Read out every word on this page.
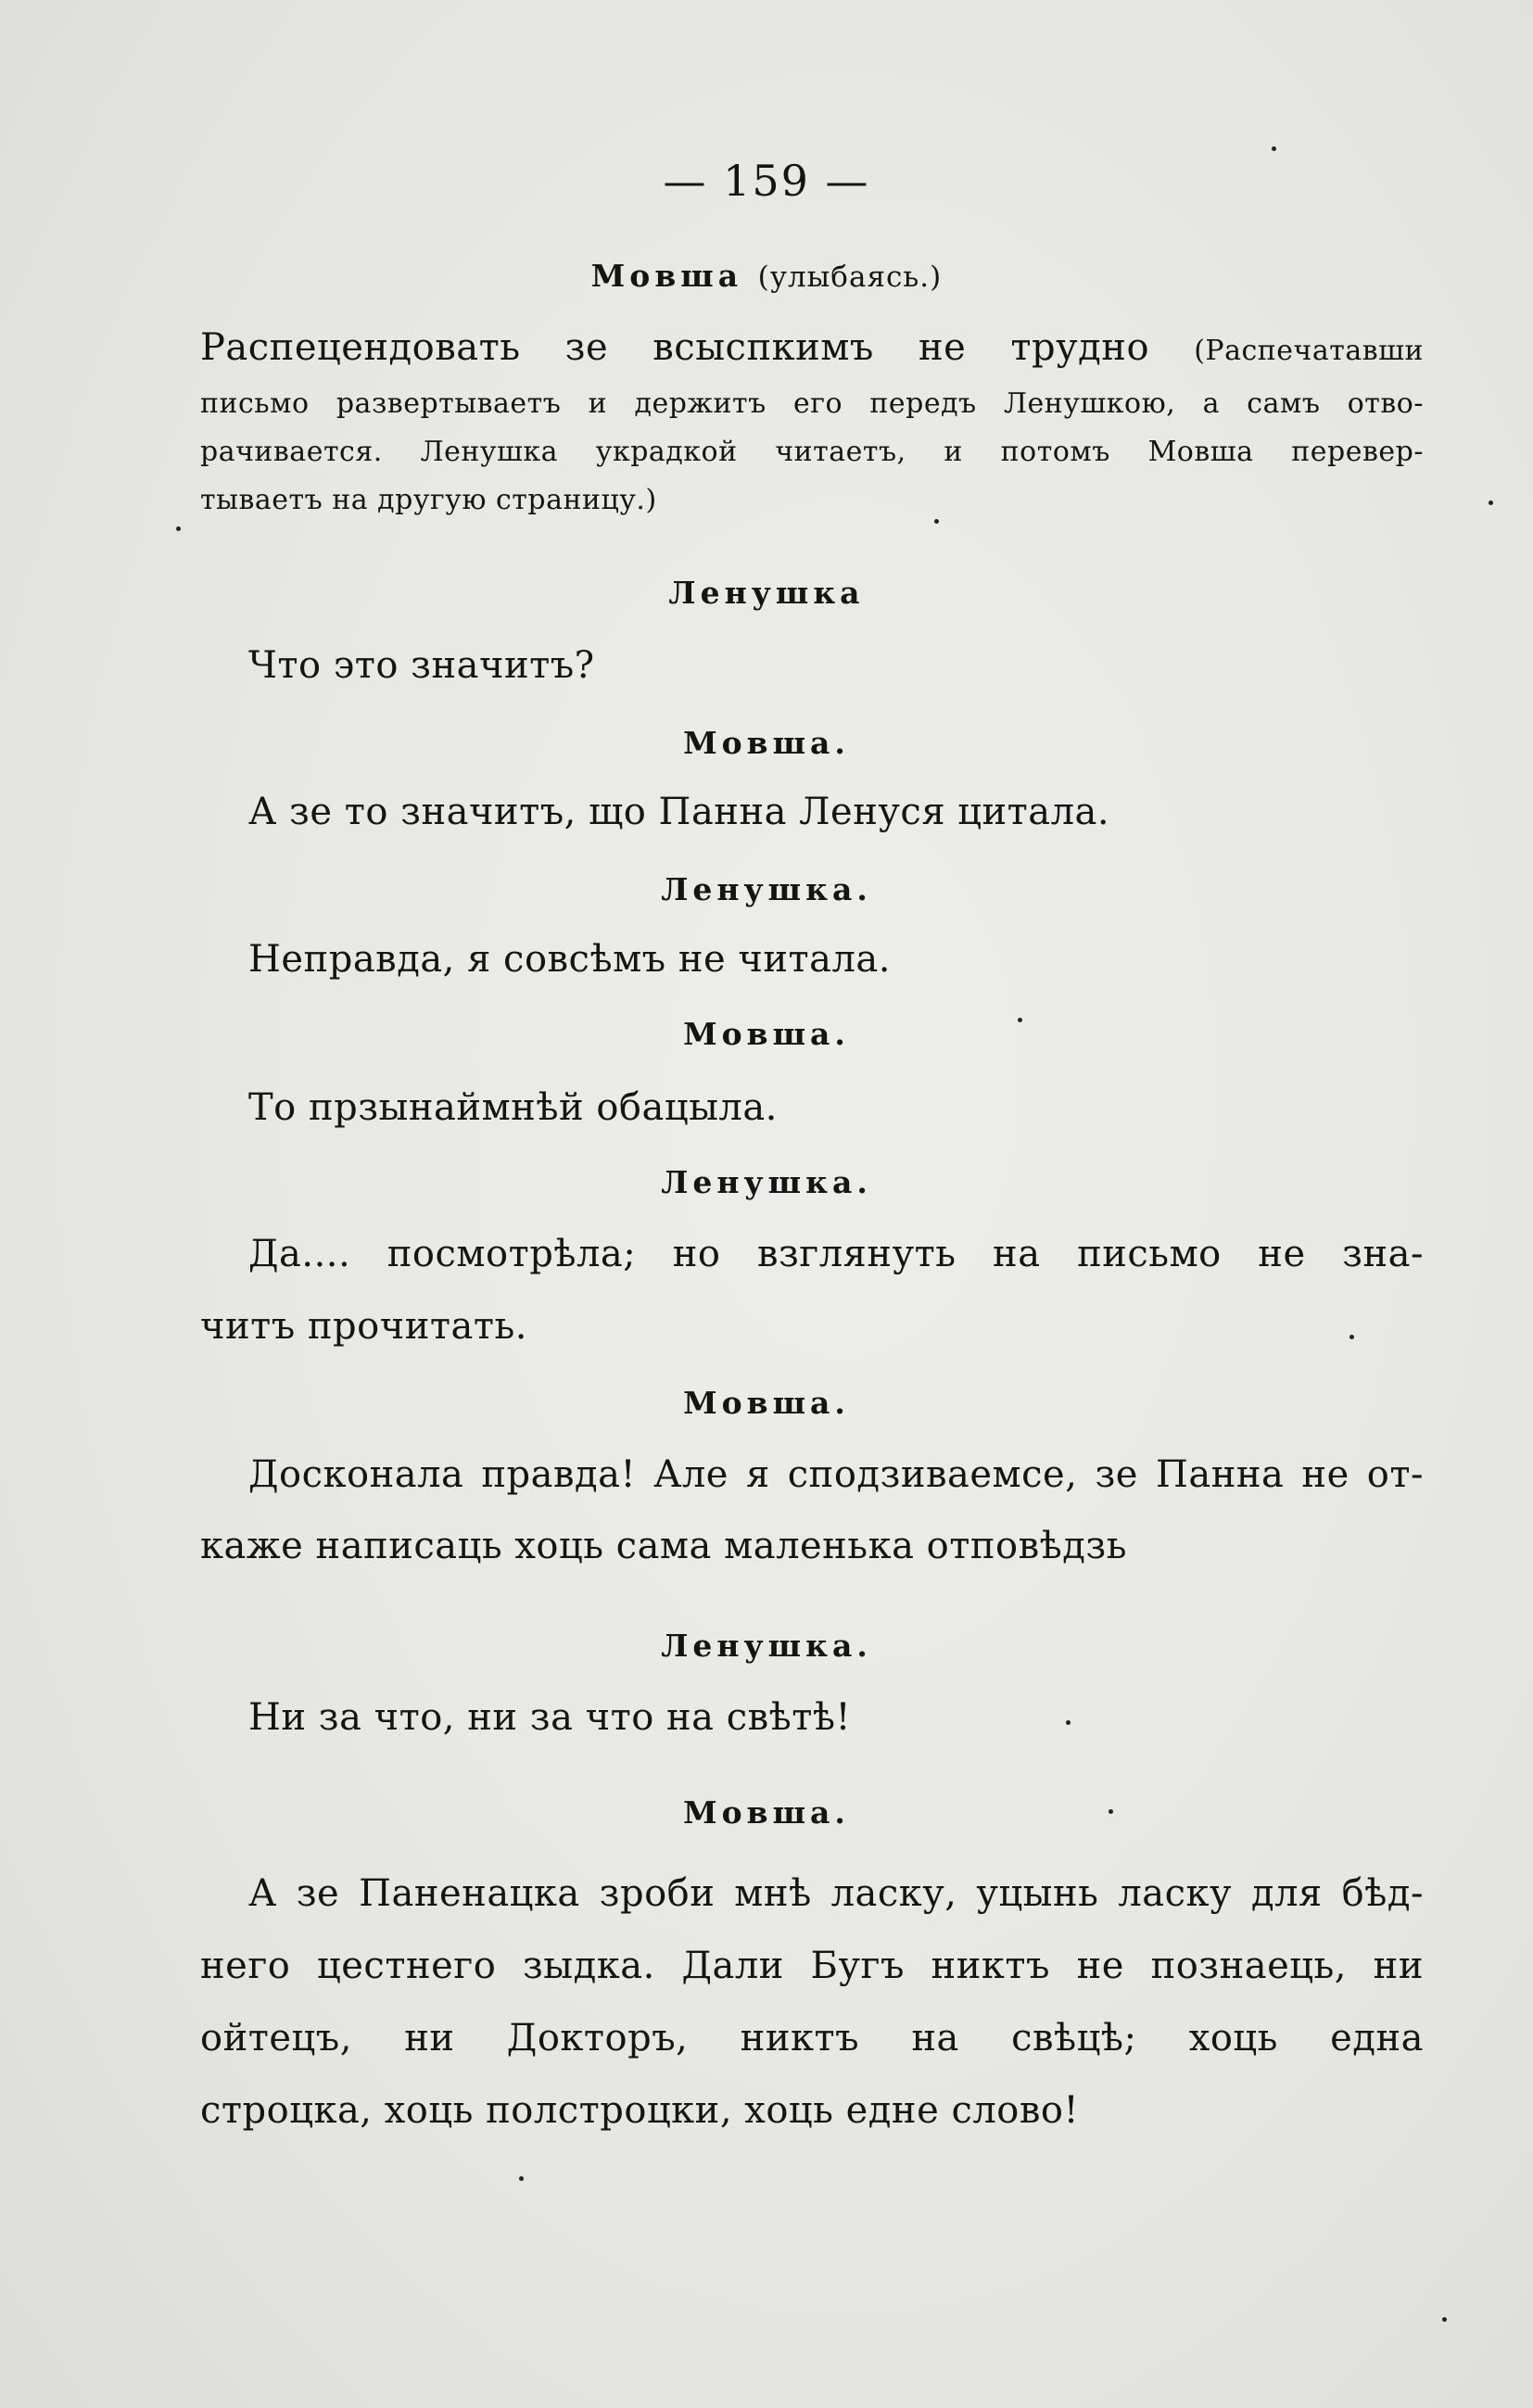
— 159 —
Мовша (улыбаясь.)
Распецендовать зе всыспкимъ не трудно (Распечатавши
письмо развертываетъ и держитъ его передъ Ленушкою, а самъ отво-
рачивается. Ленушка украдкой читаетъ, и потомъ Мовша перевер-
тываетъ на другую страницу.)
Ленушка
Что это значитъ?
Мовша.
А зе то значитъ, що Панна Ленуся цитала.
Ленушка.
Неправда, я совсѣмъ не читала.
Мовша.
То прзынаймнѣй обацыла.
Ленушка.
Да.... посмотрѣла; но взглянуть на письмо не зна-
читъ прочитать.
Мовша.
Досконала правда! Але я сподзиваемсе, зе Панна не от-
каже написаць хоць сама маленька отповѣдзь
Ленушка.
Ни за что, ни за что на свѣтѣ!
Мовша.
А зе Паненацка зроби мнѣ ласку, уцынь ласку для бѣд-
него цестнего зыдка. Дали Бугъ никтъ не познаець, ни
ойтецъ, ни Докторъ, никтъ на свѣцѣ; хоць една
строцка, хоць полстроцки, хоць едне слово!
